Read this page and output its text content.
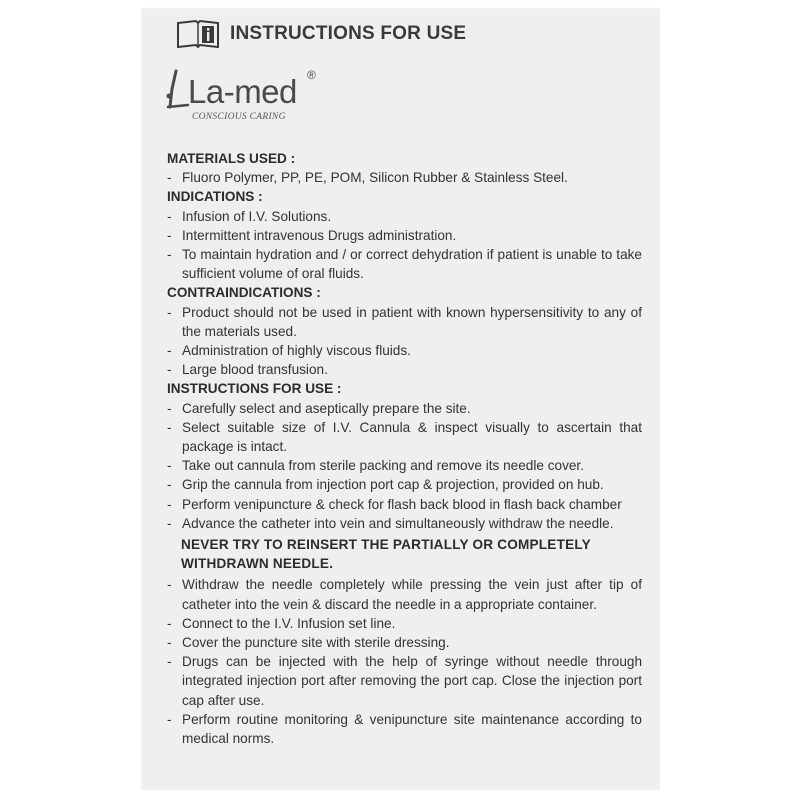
INSTRUCTIONS FOR USE
La-med ®
CONSCIOUS CARING
MATERIALS USED :
- Fluoro Polymer, PP, PE, POM, Silicon Rubber & Stainless Steel.
INDICATIONS :
- Infusion of I.V. Solutions.
- Intermittent intravenous Drugs administration.
- To maintain hydration and / or correct dehydration if patient is unable to take sufficient volume of oral fluids.
CONTRAINDICATIONS :
- Product should not be used in patient with known hypersensitivity to any of the materials used.
- Administration of highly viscous fluids.
- Large blood transfusion.
INSTRUCTIONS FOR USE :
- Carefully select and aseptically prepare the site.
- Select suitable size of I.V. Cannula & inspect visually to ascertain that package is intact.
- Take out cannula from sterile packing and remove its needle cover.
- Grip the cannula from injection port cap & projection, provided on hub.
- Perform venipuncture & check for flash back blood in flash back chamber
- Advance the catheter into vein and simultaneously withdraw the needle.
NEVER TRY TO REINSERT THE PARTIALLY OR COMPLETELY WITHDRAWN NEEDLE.
- Withdraw the needle completely while pressing the vein just after tip of catheter into the vein & discard the needle in a appropriate container.
- Connect to the I.V. Infusion set line.
- Cover the puncture site with sterile dressing.
- Drugs can be injected with the help of syringe without needle through integrated injection port after removing the port cap. Close the injection port cap after use.
- Perform routine monitoring & venipuncture site maintenance according to medical norms.
